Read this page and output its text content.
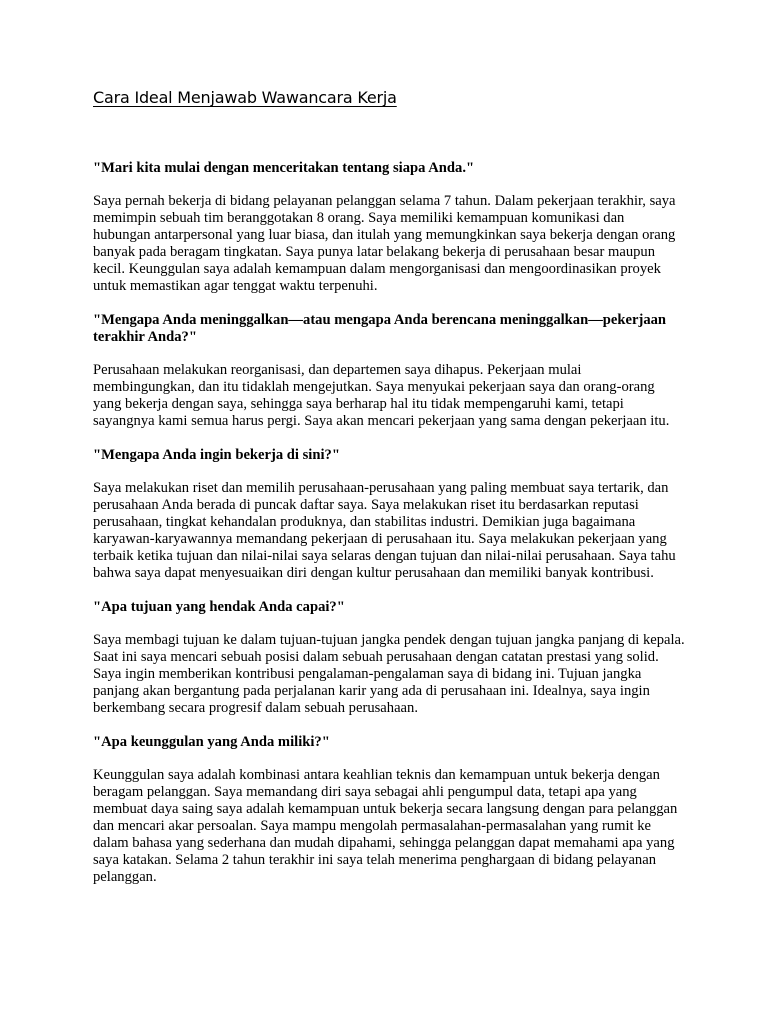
Cara Ideal Menjawab Wawancara Kerja

"Mari kita mulai dengan menceritakan tentang siapa Anda."

Saya pernah bekerja di bidang pelayanan pelanggan selama 7 tahun. Dalam pekerjaan terakhir, saya memimpin sebuah tim beranggotakan 8 orang. Saya memiliki kemampuan komunikasi dan hubungan antarpersonal yang luar biasa, dan itulah yang memungkinkan saya bekerja dengan orang banyak pada beragam tingkatan. Saya punya latar belakang bekerja di perusahaan besar maupun kecil. Keunggulan saya adalah kemampuan dalam mengorganisasi dan mengoordinasikan proyek untuk memastikan agar tenggat waktu terpenuhi.

"Mengapa Anda meninggalkan—atau mengapa Anda berencana meninggalkan—pekerjaan terakhir Anda?"

Perusahaan melakukan reorganisasi, dan departemen saya dihapus. Pekerjaan mulai membingungkan, dan itu tidaklah mengejutkan. Saya menyukai pekerjaan saya dan orang-orang yang bekerja dengan saya, sehingga saya berharap hal itu tidak mempengaruhi kami, tetapi sayangnya kami semua harus pergi. Saya akan mencari pekerjaan yang sama dengan pekerjaan itu.

"Mengapa Anda ingin bekerja di sini?"

Saya melakukan riset dan memilih perusahaan-perusahaan yang paling membuat saya tertarik, dan perusahaan Anda berada di puncak daftar saya. Saya melakukan riset itu berdasarkan reputasi perusahaan, tingkat kehandalan produknya, dan stabilitas industri. Demikian juga bagaimana karyawan-karyawannya memandang pekerjaan di perusahaan itu. Saya melakukan pekerjaan yang terbaik ketika tujuan dan nilai-nilai saya selaras dengan tujuan dan nilai-nilai perusahaan. Saya tahu bahwa saya dapat menyesuaikan diri dengan kultur perusahaan dan memiliki banyak kontribusi.

"Apa tujuan yang hendak Anda capai?"

Saya membagi tujuan ke dalam tujuan-tujuan jangka pendek dengan tujuan jangka panjang di kepala. Saat ini saya mencari sebuah posisi dalam sebuah perusahaan dengan catatan prestasi yang solid. Saya ingin memberikan kontribusi pengalaman-pengalaman saya di bidang ini. Tujuan jangka panjang akan bergantung pada perjalanan karir yang ada di perusahaan ini. Idealnya, saya ingin berkembang secara progresif dalam sebuah perusahaan.

"Apa keunggulan yang Anda miliki?"

Keunggulan saya adalah kombinasi antara keahlian teknis dan kemampuan untuk bekerja dengan beragam pelanggan. Saya memandang diri saya sebagai ahli pengumpul data, tetapi apa yang membuat daya saing saya adalah kemampuan untuk bekerja secara langsung dengan para pelanggan dan mencari akar persoalan. Saya mampu mengolah permasalahan-permasalahan yang rumit ke dalam bahasa yang sederhana dan mudah dipahami, sehingga pelanggan dapat memahami apa yang saya katakan. Selama 2 tahun terakhir ini saya telah menerima penghargaan di bidang pelayanan pelanggan.
